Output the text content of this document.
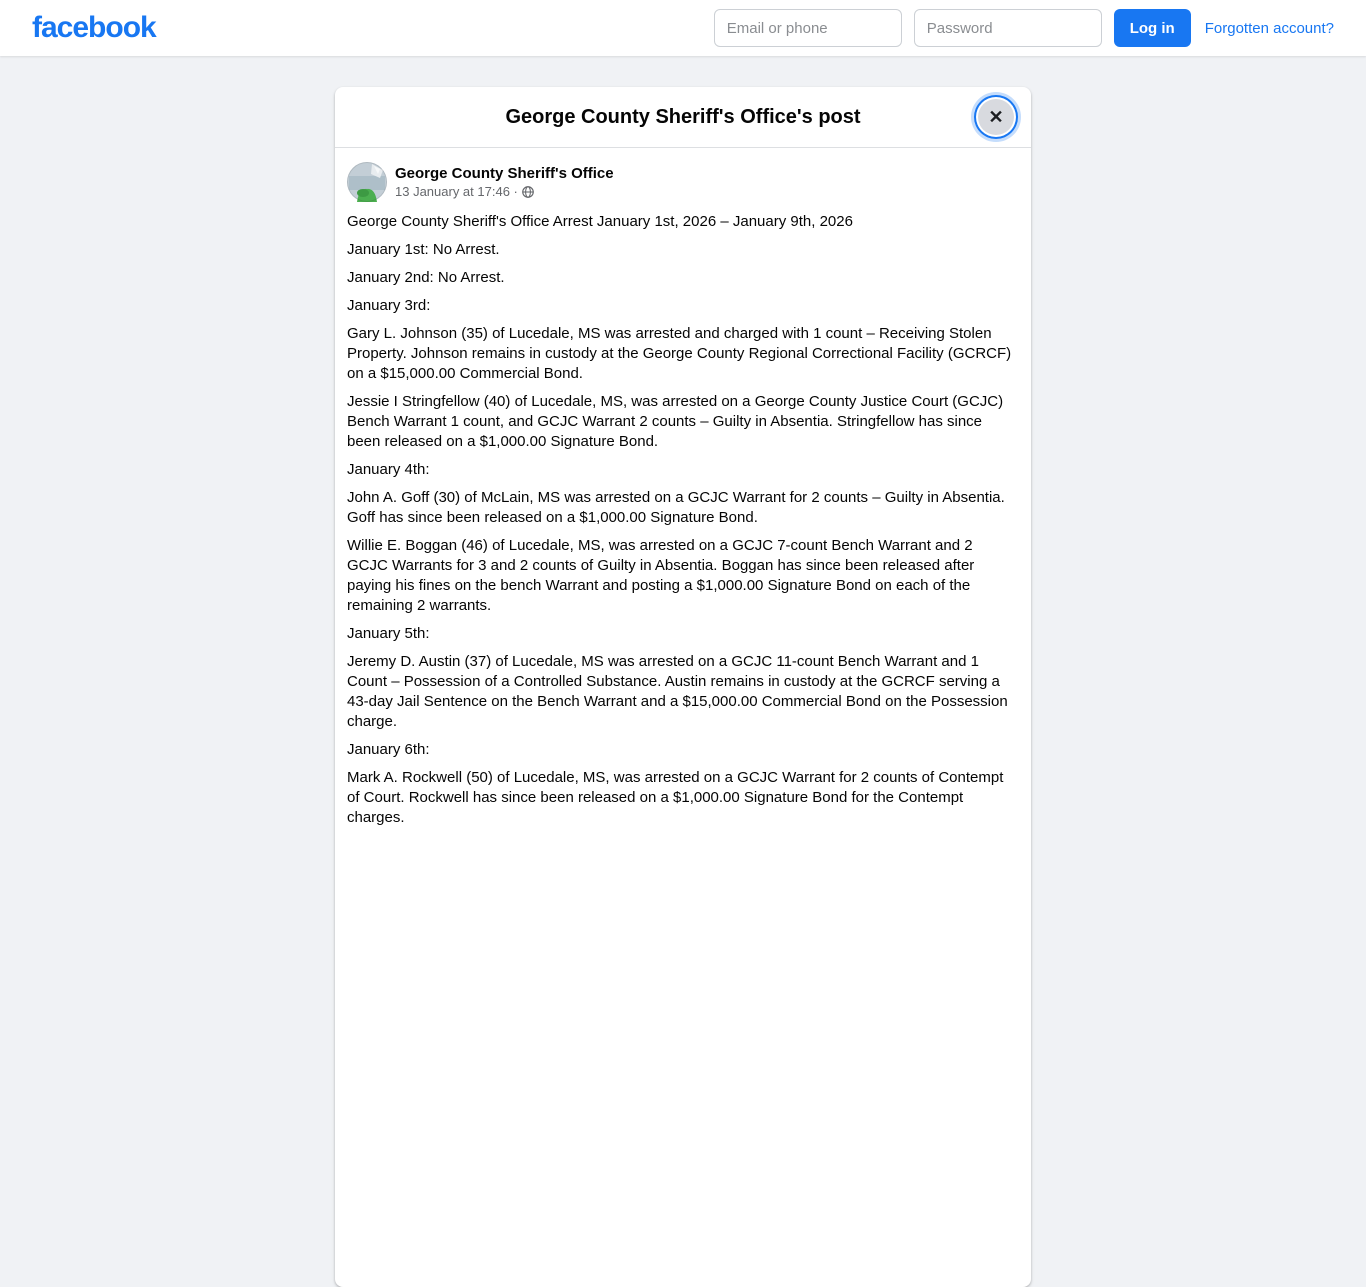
facebook
Email or phone	Log in	Forgotten account?
George County Sheriff's Office's post	✕
George County Sheriff's Office
13 January at 17:46 ·

George County Sheriff's Office Arrest January 1st, 2026 – January 9th, 2026

January 1st: No Arrest.

January 2nd: No Arrest.

January 3rd:

Gary L. Johnson (35) of Lucedale, MS was arrested and charged with 1 count – Receiving Stolen Property. Johnson remains in custody at the George County Regional Correctional Facility (GCRCF) on a $15,000.00 Commercial Bond.

Jessie I Stringfellow (40) of Lucedale, MS, was arrested on a George County Justice Court (GCJC) Bench Warrant 1 count, and GCJC Warrant 2 counts – Guilty in Absentia. Stringfellow has since been released on a $1,000.00 Signature Bond.

January 4th:

John A. Goff (30) of McLain, MS was arrested on a GCJC Warrant for 2 counts – Guilty in Absentia. Goff has since been released on a $1,000.00 Signature Bond.

Willie E. Boggan (46) of Lucedale, MS, was arrested on a GCJC 7-count Bench Warrant and 2 GCJC Warrants for 3 and 2 counts of Guilty in Absentia. Boggan has since been released after paying his fines on the bench Warrant and posting a $1,000.00 Signature Bond on each of the remaining 2 warrants.

January 5th:

Jeremy D. Austin (37) of Lucedale, MS was arrested on a GCJC 11-count Bench Warrant and 1 Count – Possession of a Controlled Substance. Austin remains in custody at the GCRCF serving a 43-day Jail Sentence on the Bench Warrant and a $15,000.00 Commercial Bond on the Possession charge.

January 6th:

Mark A. Rockwell (50) of Lucedale, MS, was arrested on a GCJC Warrant for 2 counts of Contempt of Court. Rockwell has since been released on a $1,000.00 Signature Bond for the Contempt charges.
